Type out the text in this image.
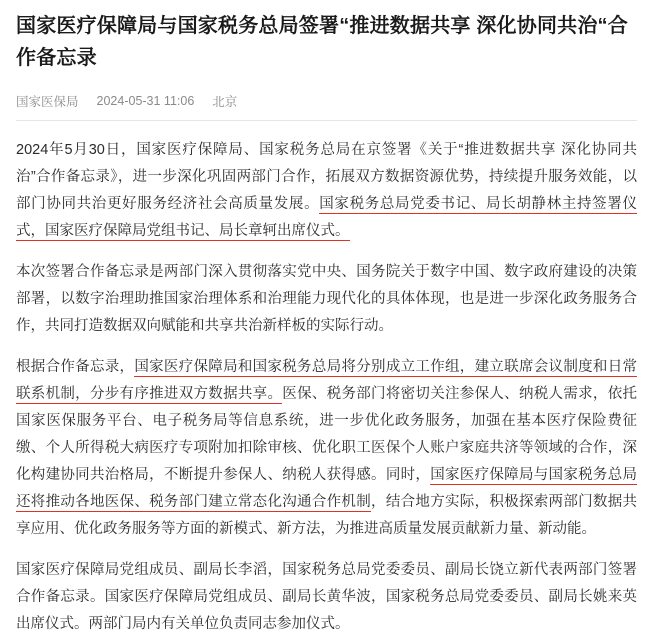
国家医疗保障局与国家税务总局签署“推进数据共享 深化协同共治“合作备忘录
国家医保局 2024-05-31 11:06 北京

2024年5月30日，国家医疗保障局、国家税务总局在京签署《关于“推进数据共享 深化协同共治”合作备忘录》，进一步深化巩固两部门合作，拓展双方数据资源优势，持续提升服务效能，以部门协同共治更好服务经济社会高质量发展。国家税务总局党委书记、局长胡静林主持签署仪式，国家医疗保障局党组书记、局长章轲出席仪式。

本次签署合作备忘录是两部门深入贯彻落实党中央、国务院关于数字中国、数字政府建设的决策部署，以数字治理助推国家治理体系和治理能力现代化的具体体现，也是进一步深化政务服务合作，共同打造数据双向赋能和共享共治新样板的实际行动。

根据合作备忘录，国家医疗保障局和国家税务总局将分别成立工作组，建立联席会议制度和日常联系机制，分步有序推进双方数据共享。医保、税务部门将密切关注参保人、纳税人需求，依托国家医保服务平台、电子税务局等信息系统，进一步优化政务服务，加强在基本医疗保险费征缴、个人所得税大病医疗专项附加扣除审核、优化职工医保个人账户家庭共济等领域的合作，深化构建协同共治格局，不断提升参保人、纳税人获得感。同时，国家医疗保障局与国家税务总局还将推动各地医保、税务部门建立常态化沟通合作机制，结合地方实际，积极探索两部门数据共享应用、优化政务服务等方面的新模式、新方法，为推进高质量发展贡献新力量、新动能。

国家医疗保障局党组成员、副局长李滔，国家税务总局党委委员、副局长饶立新代表两部门签署合作备忘录。国家医疗保障局党组成员、副局长黄华波，国家税务总局党委委员、副局长姚来英出席仪式。两部门局内有关单位负责同志参加仪式。
